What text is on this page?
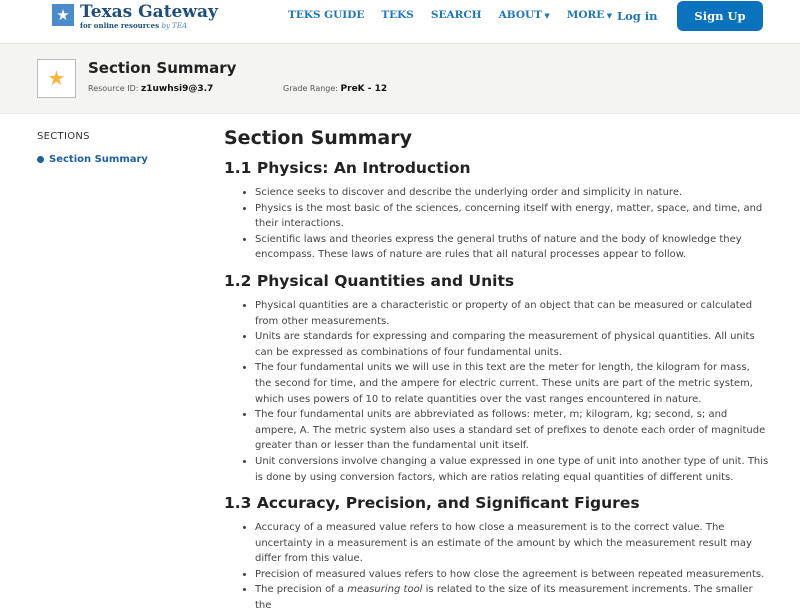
★ Texas Gateway
for online resources by TEA
TEKS GUIDE TEKS SEARCH ABOUT ▼ MORE ▼ Log in	Sign Up
★	Section Summary
Resource ID: z1uwhsi9@3.7	Grade Range: PreK - 12
SECTIONS
Section Summary
Section Summary
1.1 Physics: An Introduction
• Science seeks to discover and describe the underlying order and simplicity in nature.
• Physics is the most basic of the sciences, concerning itself with energy, matter, space, and time, and their interactions.
• Scientific laws and theories express the general truths of nature and the body of knowledge they encompass. These laws of nature are rules that all natural processes appear to follow.
1.2 Physical Quantities and Units
• Physical quantities are a characteristic or property of an object that can be measured or calculated from other measurements.
• Units are standards for expressing and comparing the measurement of physical quantities. All units can be expressed as combinations of four fundamental units.
• The four fundamental units we will use in this text are the meter for length, the kilogram for mass, the second for time, and the ampere for electric current. These units are part of the metric system, which uses powers of 10 to relate quantities over the vast ranges encountered in nature.
• The four fundamental units are abbreviated as follows: meter, m; kilogram, kg; second, s; and ampere, A. The metric system also uses a standard set of prefixes to denote each order of magnitude greater than or lesser than the fundamental unit itself.
• Unit conversions involve changing a value expressed in one type of unit into another type of unit. This is done by using conversion factors, which are ratios relating equal quantities of different units.
1.3 Accuracy, Precision, and Significant Figures
• Accuracy of a measured value refers to how close a measurement is to the correct value. The uncertainty in a measurement is an estimate of the amount by which the measurement result may differ from this value.
• Precision of measured values refers to how close the agreement is between repeated measurements.
• The precision of a measuring tool is related to the size of its measurement increments. The smaller the
